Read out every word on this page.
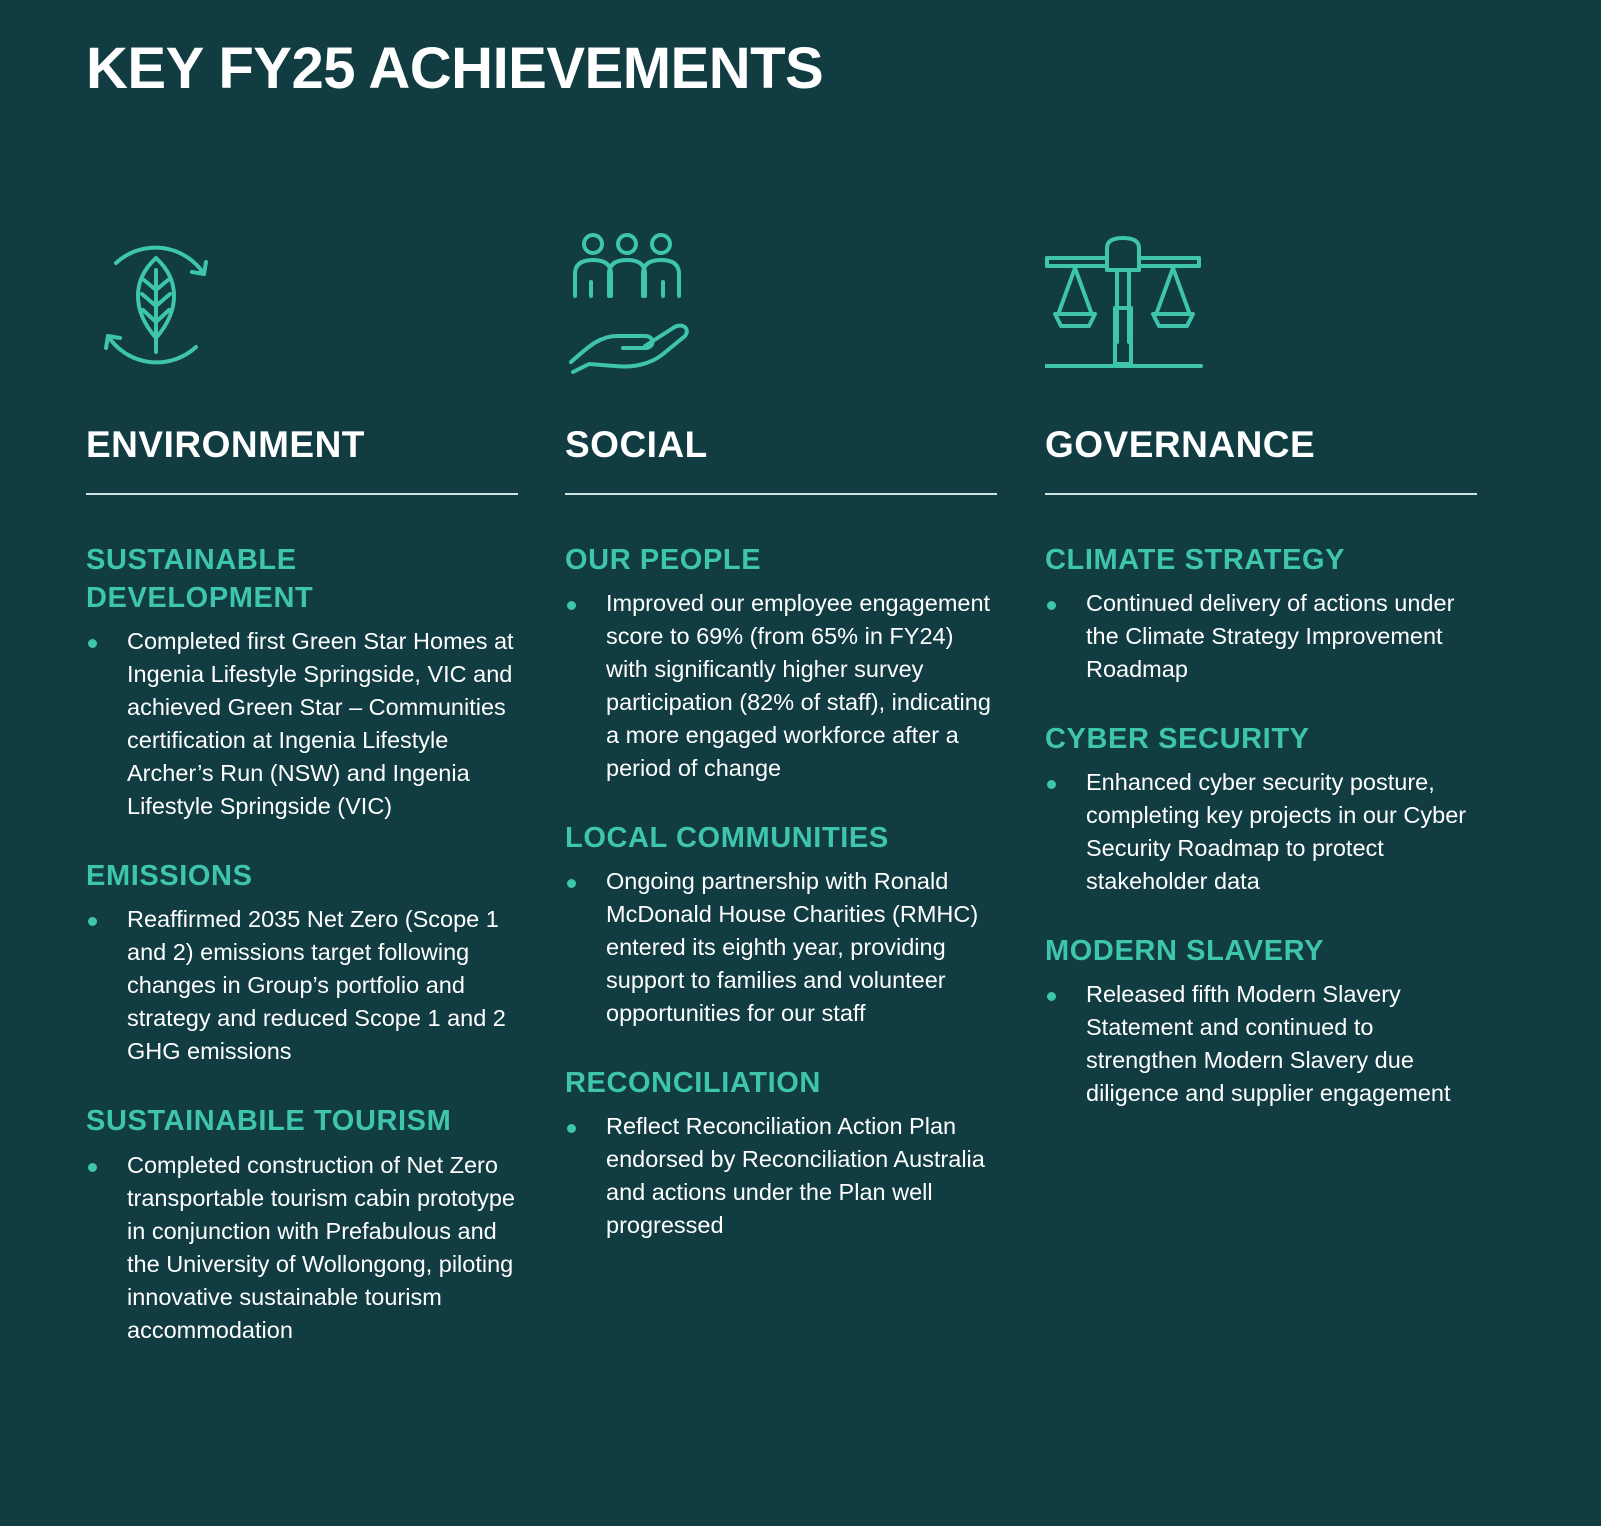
KEY FY25 ACHIEVEMENTS
ENVIRONMENT
SUSTAINABLE DEVELOPMENT
Completed first Green Star Homes at Ingenia Lifestyle Springside, VIC and achieved Green Star – Communities certification at Ingenia Lifestyle Archer’s Run (NSW) and Ingenia Lifestyle Springside (VIC)
EMISSIONS
Reaffirmed 2035 Net Zero (Scope 1 and 2) emissions target following changes in Group’s portfolio and strategy and reduced Scope 1 and 2 GHG emissions
SUSTAINABILE TOURISM
Completed construction of Net Zero transportable tourism cabin prototype in conjunction with Prefabulous and the University of Wollongong, piloting innovative sustainable tourism accommodation
SOCIAL
OUR PEOPLE
Improved our employee engagement score to 69% (from 65% in FY24) with significantly higher survey participation (82% of staff), indicating a more engaged workforce after a period of change
LOCAL COMMUNITIES
Ongoing partnership with Ronald McDonald House Charities (RMHC) entered its eighth year, providing support to families and volunteer opportunities for our staff
RECONCILIATION
Reflect Reconciliation Action Plan endorsed by Reconciliation Australia and actions under the Plan well progressed
GOVERNANCE
CLIMATE STRATEGY
Continued delivery of actions under the Climate Strategy Improvement Roadmap
CYBER SECURITY
Enhanced cyber security posture, completing key projects in our Cyber Security Roadmap to protect stakeholder data
MODERN SLAVERY
Released fifth Modern Slavery Statement and continued to strengthen Modern Slavery due diligence and supplier engagement
